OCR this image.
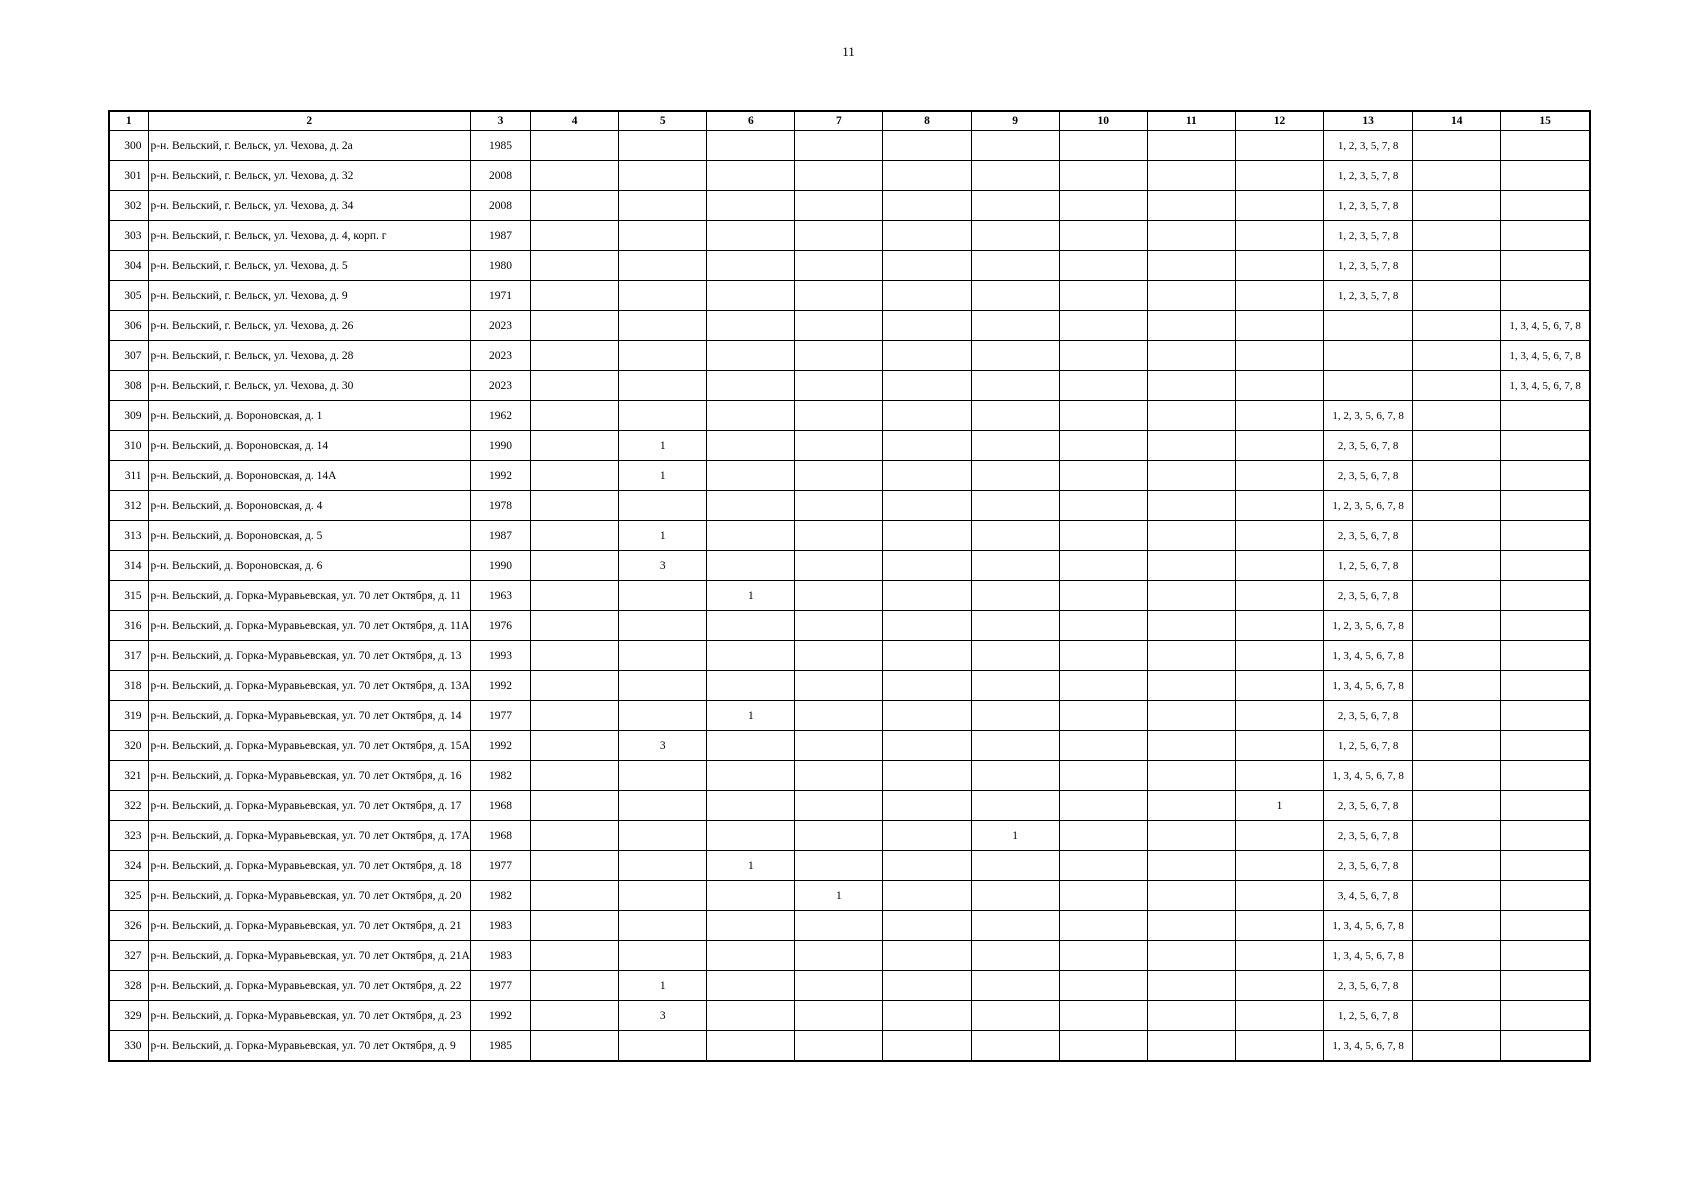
11
1	2	3	4	5	6	7	8	9	10	11	12	13	14	15
300	р-н. Вельский, г. Вельск, ул. Чехова, д. 2а	1985										1, 2, 3, 5, 7, 8		
301	р-н. Вельский, г. Вельск, ул. Чехова, д. 32	2008										1, 2, 3, 5, 7, 8		
302	р-н. Вельский, г. Вельск, ул. Чехова, д. 34	2008										1, 2, 3, 5, 7, 8		
303	р-н. Вельский, г. Вельск, ул. Чехова, д. 4, корп. г	1987										1, 2, 3, 5, 7, 8		
304	р-н. Вельский, г. Вельск, ул. Чехова, д. 5	1980										1, 2, 3, 5, 7, 8		
305	р-н. Вельский, г. Вельск, ул. Чехова, д. 9	1971										1, 2, 3, 5, 7, 8		
306	р-н. Вельский, г. Вельск, ул. Чехова, д. 26	2023												1, 3, 4, 5, 6, 7, 8
307	р-н. Вельский, г. Вельск, ул. Чехова, д. 28	2023												1, 3, 4, 5, 6, 7, 8
308	р-н. Вельский, г. Вельск, ул. Чехова, д. 30	2023												1, 3, 4, 5, 6, 7, 8
309	р-н. Вельский, д. Вороновская, д. 1	1962										1, 2, 3, 5, 6, 7, 8		
310	р-н. Вельский, д. Вороновская, д. 14	1990		1								2, 3, 5, 6, 7, 8		
311	р-н. Вельский, д. Вороновская, д. 14А	1992		1								2, 3, 5, 6, 7, 8		
312	р-н. Вельский, д. Вороновская, д. 4	1978										1, 2, 3, 5, 6, 7, 8		
313	р-н. Вельский, д. Вороновская, д. 5	1987		1								2, 3, 5, 6, 7, 8		
314	р-н. Вельский, д. Вороновская, д. 6	1990		3								1, 2, 5, 6, 7, 8		
315	р-н. Вельский, д. Горка-Муравьевская, ул. 70 лет Октября, д. 11	1963			1							2, 3, 5, 6, 7, 8		
316	р-н. Вельский, д. Горка-Муравьевская, ул. 70 лет Октября, д. 11А	1976										1, 2, 3, 5, 6, 7, 8		
317	р-н. Вельский, д. Горка-Муравьевская, ул. 70 лет Октября, д. 13	1993										1, 3, 4, 5, 6, 7, 8		
318	р-н. Вельский, д. Горка-Муравьевская, ул. 70 лет Октября, д. 13А	1992										1, 3, 4, 5, 6, 7, 8		
319	р-н. Вельский, д. Горка-Муравьевская, ул. 70 лет Октября, д. 14	1977			1							2, 3, 5, 6, 7, 8		
320	р-н. Вельский, д. Горка-Муравьевская, ул. 70 лет Октября, д. 15А	1992		3								1, 2, 5, 6, 7, 8		
321	р-н. Вельский, д. Горка-Муравьевская, ул. 70 лет Октября, д. 16	1982										1, 3, 4, 5, 6, 7, 8		
322	р-н. Вельский, д. Горка-Муравьевская, ул. 70 лет Октября, д. 17	1968									1	2, 3, 5, 6, 7, 8		
323	р-н. Вельский, д. Горка-Муравьевская, ул. 70 лет Октября, д. 17А	1968						1				2, 3, 5, 6, 7, 8		
324	р-н. Вельский, д. Горка-Муравьевская, ул. 70 лет Октября, д. 18	1977			1							2, 3, 5, 6, 7, 8		
325	р-н. Вельский, д. Горка-Муравьевская, ул. 70 лет Октября, д. 20	1982				1						3, 4, 5, 6, 7, 8		
326	р-н. Вельский, д. Горка-Муравьевская, ул. 70 лет Октября, д. 21	1983										1, 3, 4, 5, 6, 7, 8		
327	р-н. Вельский, д. Горка-Муравьевская, ул. 70 лет Октября, д. 21А	1983										1, 3, 4, 5, 6, 7, 8		
328	р-н. Вельский, д. Горка-Муравьевская, ул. 70 лет Октября, д. 22	1977		1								2, 3, 5, 6, 7, 8		
329	р-н. Вельский, д. Горка-Муравьевская, ул. 70 лет Октября, д. 23	1992		3								1, 2, 5, 6, 7, 8		
330	р-н. Вельский, д. Горка-Муравьевская, ул. 70 лет Октября, д. 9	1985										1, 3, 4, 5, 6, 7, 8		
